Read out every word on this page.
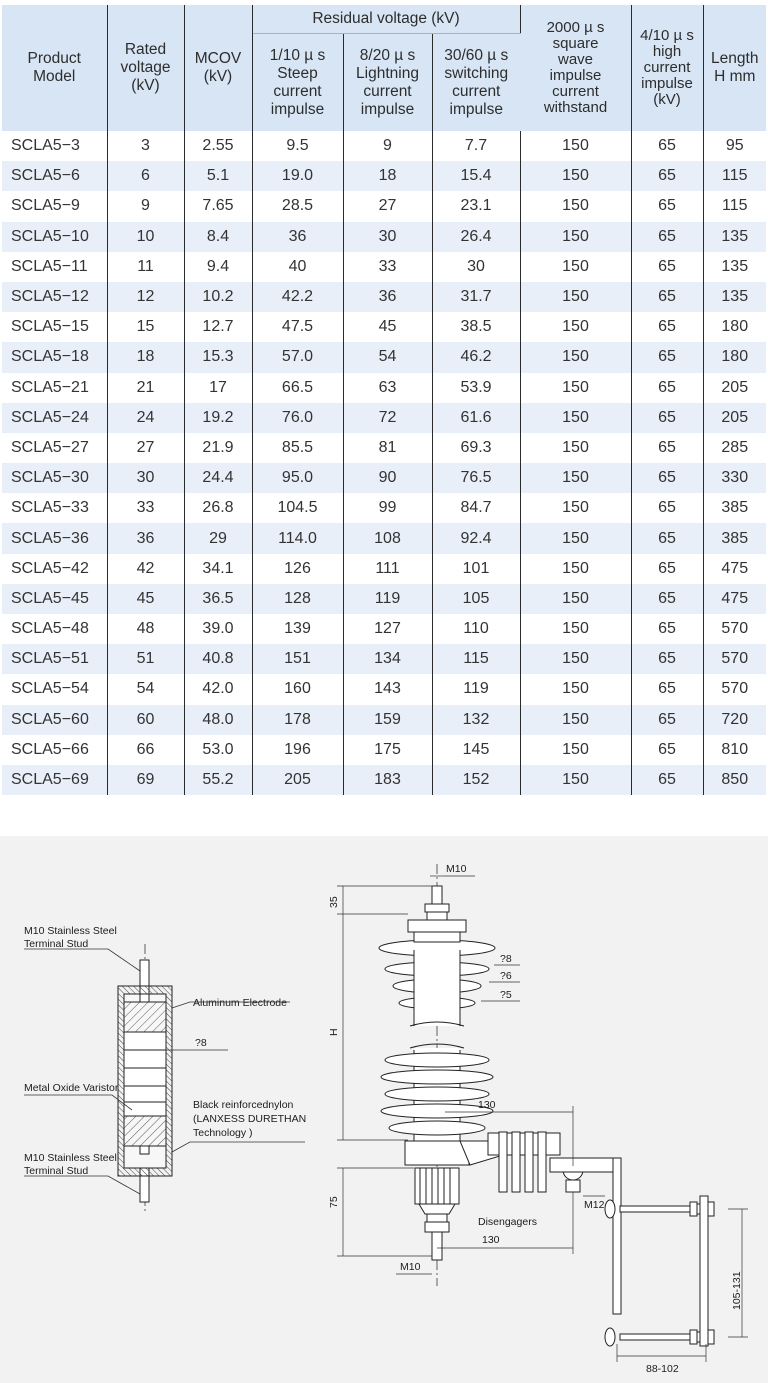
Product Model	Rated voltage (kV)	MCOV (kV)	Residual voltage (kV)			2000 µ s square wave impulse current withstand	4/10 µ s high current impulse (kV)	Length H mm

			1/10 µ s Steep current impulse	8/20 µ s Lightning current impulse	30/60 µ s switching current impulse			

SCLA5−3	3	2.55	9.5	9	7.7	150	65	95
SCLA5−6	6	5.1	19.0	18	15.4	150	65	115
SCLA5−9	9	7.65	28.5	27	23.1	150	65	115
SCLA5−10	10	8.4	36	30	26.4	150	65	135
SCLA5−11	11	9.4	40	33	30	150	65	135
SCLA5−12	12	10.2	42.2	36	31.7	150	65	135
SCLA5−15	15	12.7	47.5	45	38.5	150	65	180
SCLA5−18	18	15.3	57.0	54	46.2	150	65	180
SCLA5−21	21	17	66.5	63	53.9	150	65	205
SCLA5−24	24	19.2	76.0	72	61.6	150	65	205
SCLA5−27	27	21.9	85.5	81	69.3	150	65	285
SCLA5−30	30	24.4	95.0	90	76.5	150	65	330
SCLA5−33	33	26.8	104.5	99	84.7	150	65	385
SCLA5−36	36	29	114.0	108	92.4	150	65	385
SCLA5−42	42	34.1	126	111	101	150	65	475
SCLA5−45	45	36.5	128	119	105	150	65	475
SCLA5−48	48	39.0	139	127	110	150	65	570
SCLA5−51	51	40.8	151	134	115	150	65	570
SCLA5−54	54	42.0	160	143	119	150	65	570
SCLA5−60	60	48.0	178	159	132	150	65	720
SCLA5−66	66	53.0	196	175	145	150	65	810
SCLA5−69	69	55.2	205	183	152	150	65	850
M10 Stainless Steel Terminal Stud
Aluminum Electrode
?8
Metal Oxide Varistor
Black reinforcednylon (LANXESS DURETHAN Technology )
M10 Stainless Steel Terminal Stud
M10
35
H
?8
?6
?5
130
M12
Disengagers
75
130
M10
105-131
88-102
